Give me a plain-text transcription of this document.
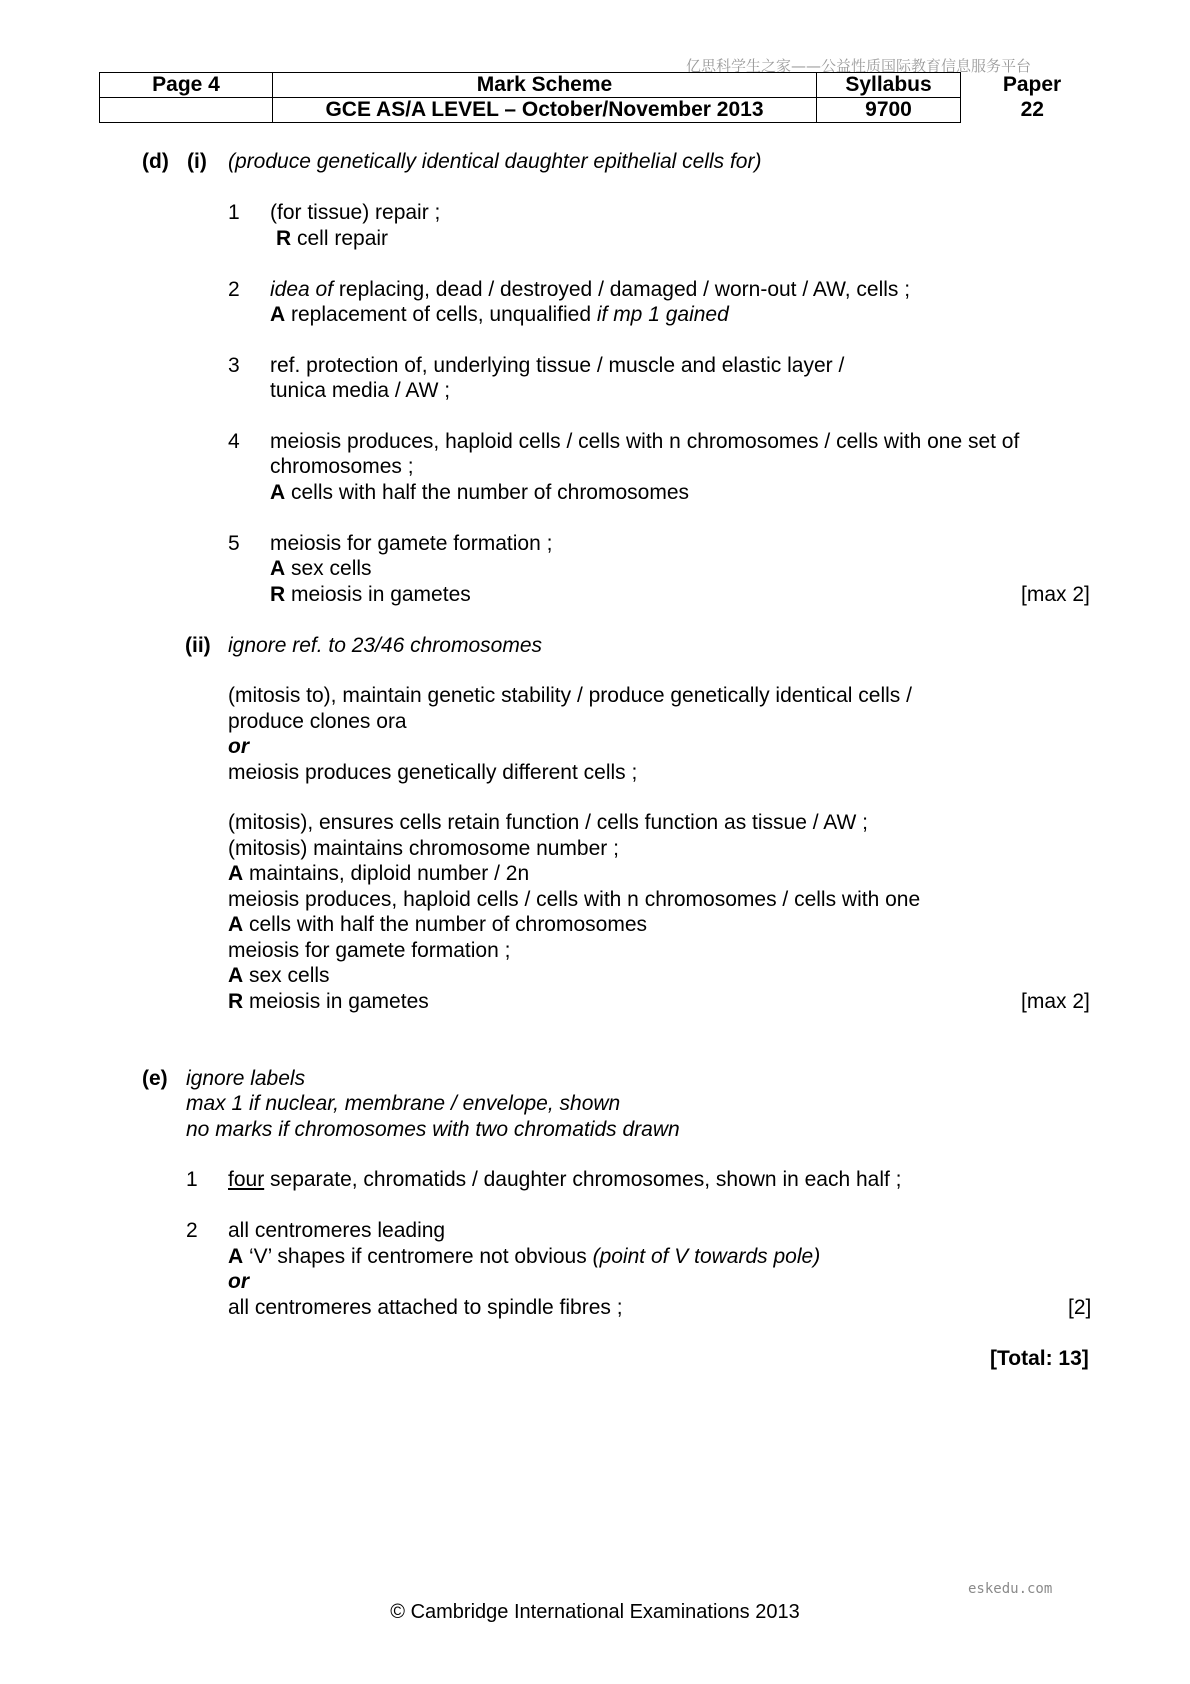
亿思科学生之家——公益性质国际教育信息服务平台
Page 4	Mark Scheme	Syllabus	Paper
	GCE AS/A LEVEL – October/November 2013	9700	22
(d) (i) (produce genetically identical daughter epithelial cells for)
1 (for tissue) repair ;
R cell repair
2 idea of replacing, dead / destroyed / damaged / worn-out / AW, cells ;
A replacement of cells, unqualified if mp 1 gained
3 ref. protection of, underlying tissue / muscle and elastic layer /
tunica media / AW ;
4 meiosis produces, haploid cells / cells with n chromosomes / cells with one set of
chromosomes ;
A cells with half the number of chromosomes
5 meiosis for gamete formation ;
A sex cells
R meiosis in gametes	[max 2]
(ii) ignore ref. to 23/46 chromosomes
(mitosis to), maintain genetic stability / produce genetically identical cells /
produce clones ora
or
meiosis produces genetically different cells ;
(mitosis), ensures cells retain function / cells function as tissue / AW ;
(mitosis) maintains chromosome number ;
A maintains, diploid number / 2n
meiosis produces, haploid cells / cells with n chromosomes / cells with one
A cells with half the number of chromosomes
meiosis for gamete formation ;
A sex cells
R meiosis in gametes	[max 2]
(e) ignore labels
max 1 if nuclear, membrane / envelope, shown
no marks if chromosomes with two chromatids drawn
1 four separate, chromatids / daughter chromosomes, shown in each half ;
2 all centromeres leading
A ‘V’ shapes if centromere not obvious (point of V towards pole)
or
all centromeres attached to spindle fibres ;	[2]
[Total: 13]
eskedu.com
© Cambridge International Examinations 2013
